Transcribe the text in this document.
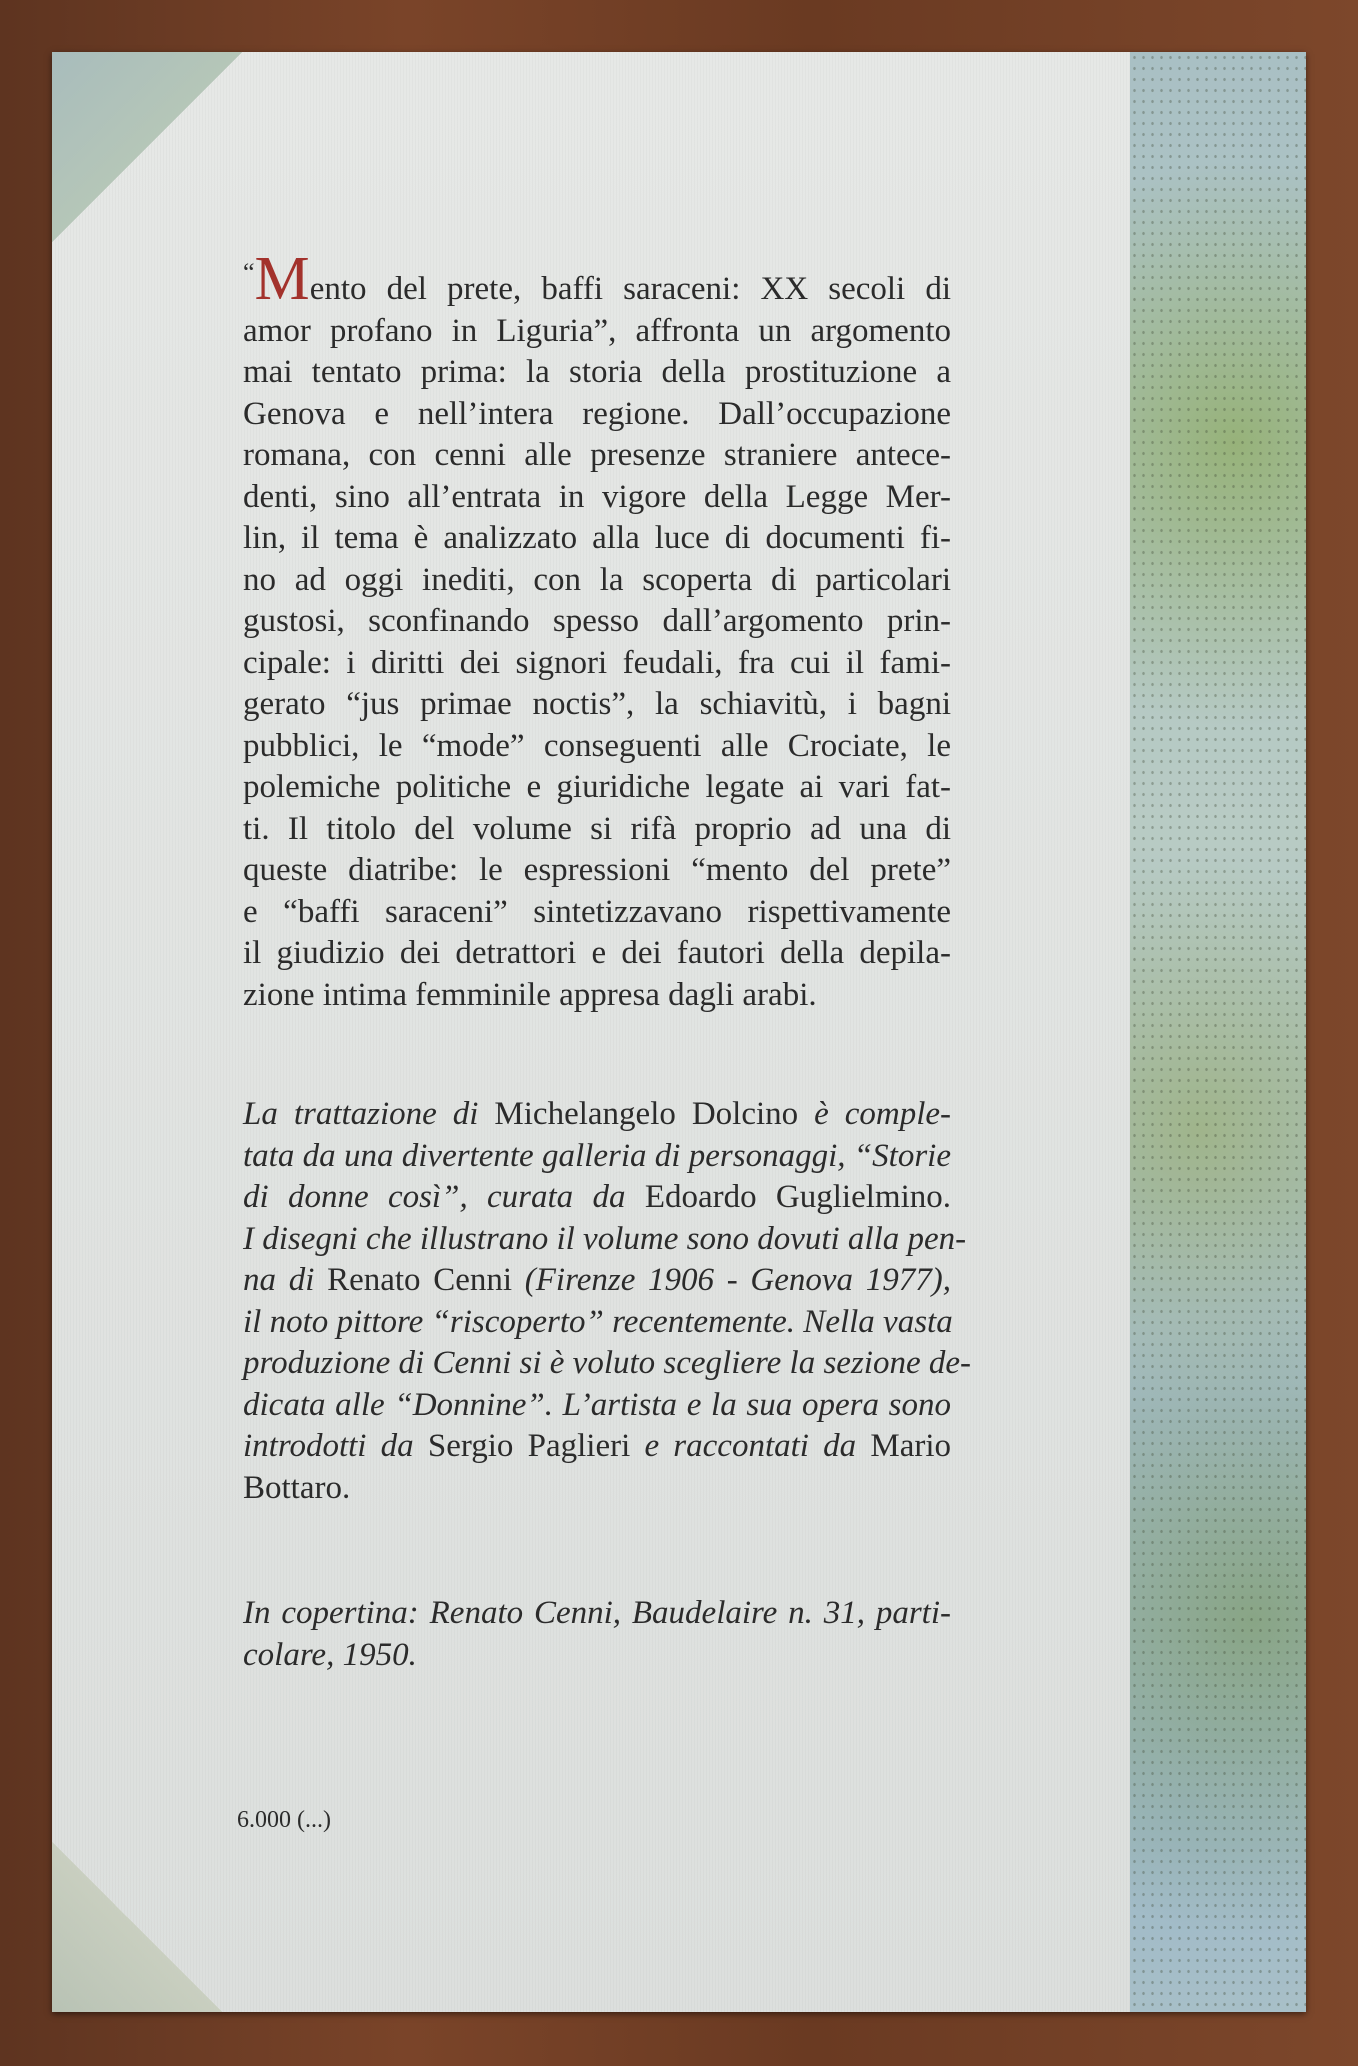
“Mento del prete, baffi saraceni: XX secoli di
amor profano in Liguria”, affronta un argomento
mai tentato prima: la storia della prostituzione a
Genova e nell’intera regione. Dall’occupazione
romana, con cenni alle presenze straniere antece-
denti, sino all’entrata in vigore della Legge Mer-
lin, il tema è analizzato alla luce di documenti fi-
no ad oggi inediti, con la scoperta di particolari
gustosi, sconfinando spesso dall’argomento prin-
cipale: i diritti dei signori feudali, fra cui il fami-
gerato “jus primae noctis”, la schiavitù, i bagni
pubblici, le “mode” conseguenti alle Crociate, le
polemiche politiche e giuridiche legate ai vari fat-
ti. Il titolo del volume si rifà proprio ad una di
queste diatribe: le espressioni “mento del prete”
e “baffi saraceni” sintetizzavano rispettivamente
il giudizio dei detrattori e dei fautori della depila-
zione intima femminile appresa dagli arabi.
La trattazione di Michelangelo Dolcino è comple-
tata da una divertente galleria di personaggi, “Storie
di donne così”, curata da Edoardo Guglielmino.
I disegni che illustrano il volume sono dovuti alla pen-
na di Renato Cenni (Firenze 1906 - Genova 1977),
il noto pittore “riscoperto” recentemente. Nella vasta
produzione di Cenni si è voluto scegliere la sezione de-
dicata alle “Donnine”. L’artista e la sua opera sono
introdotti da Sergio Paglieri e raccontati da Mario
Bottaro.
In copertina: Renato Cenni, Baudelaire n. 31, parti-
colare, 1950.
6.000 (...)
